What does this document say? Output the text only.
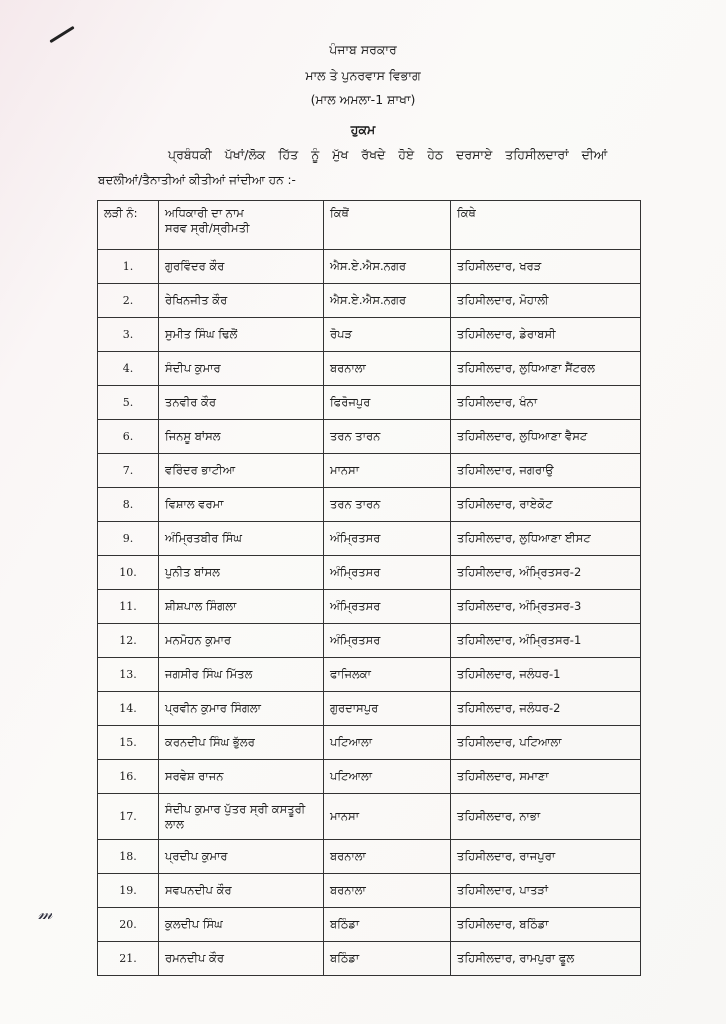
ਪੰਜਾਬ ਸਰਕਾਰ
ਮਾਲ ਤੇ ਪੁਨਰਵਾਸ ਵਿਭਾਗ
(ਮਾਲ ਅਮਲਾ-1 ਸ਼ਾਖਾ)
ਹੁਕਮ
ਪ੍ਰਬੰਧਕੀ ਪੱਖਾਂ/ਲੋਕ ਹਿੱਤ ਨੂੰ ਮੁੱਖ ਰੱਖਦੇ ਹੋਏ ਹੇਠ ਦਰਸਾਏ ਤਹਿਸੀਲਦਾਰਾਂ ਦੀਆਂ
ਬਦਲੀਆਂ/ਤੈਨਾਤੀਆਂ ਕੀਤੀਆਂ ਜਾਂਦੀਆ ਹਨ :-
ਲੜੀ ਨੰ:	ਅਧਿਕਾਰੀ ਦਾ ਨਾਮ
ਸਰਵ ਸ੍ਰੀ/ਸ੍ਰੀਮਤੀ	ਕਿਥੋਂ	ਕਿਥੇ
1.	ਗੁਰਵਿੰਦਰ ਕੌਰ	ਐਸ.ਏ.ਐਸ.ਨਗਰ	ਤਹਿਸੀਲਦਾਰ, ਖਰੜ
2.	ਰੇਖਿਨਜੀਤ ਕੌਰ	ਐਸ.ਏ.ਐਸ.ਨਗਰ	ਤਹਿਸੀਲਦਾਰ, ਮੋਹਾਲੀ
3.	ਸੁਮੀਤ ਸਿੰਘ ਢਿਲੋਂ	ਰੋਪੜ	ਤਹਿਸੀਲਦਾਰ, ਡੇਰਾਬਸੀ
4.	ਸੰਦੀਪ ਕੁਮਾਰ	ਬਰਨਾਲਾ	ਤਹਿਸੀਲਦਾਰ, ਲੁਧਿਆਣਾ ਸੈਂਟਰਲ
5.	ਤਨਵੀਰ ਕੌਰ	ਫਿਰੋਜਪੁਰ	ਤਹਿਸੀਲਦਾਰ, ਖੰਨਾ
6.	ਜਿਨਸੂ ਬਾਂਸਲ	ਤਰਨ ਤਾਰਨ	ਤਹਿਸੀਲਦਾਰ, ਲੁਧਿਆਣਾ ਵੈਸਟ
7.	ਵਰਿੰਦਰ ਭਾਟੀਆ	ਮਾਨਸਾ	ਤਹਿਸੀਲਦਾਰ, ਜਗਰਾਉ
8.	ਵਿਸ਼ਾਲ ਵਰਮਾ	ਤਰਨ ਤਾਰਨ	ਤਹਿਸੀਲਦਾਰ, ਰਾਏਕੋਟ
9.	ਅੰਮ੍ਰਿਤਬੀਰ ਸਿੰਘ	ਅੰਮ੍ਰਿਤਸਰ	ਤਹਿਸੀਲਦਾਰ, ਲੁਧਿਆਣਾ ਈਸਟ
10.	ਪੁਨੀਤ ਬਾਂਸਲ	ਅੰਮ੍ਰਿਤਸਰ	ਤਹਿਸੀਲਦਾਰ, ਅੰਮ੍ਰਿਤਸਰ-2
11.	ਸ਼ੀਸ਼ਪਾਲ ਸਿੰਗਲਾ	ਅੰਮ੍ਰਿਤਸਰ	ਤਹਿਸੀਲਦਾਰ, ਅੰਮ੍ਰਿਤਸਰ-3
12.	ਮਨਮੋਹਨ ਕੁਮਾਰ	ਅੰਮ੍ਰਿਤਸਰ	ਤਹਿਸੀਲਦਾਰ, ਅੰਮ੍ਰਿਤਸਰ-1
13.	ਜਗਸੀਰ ਸਿੰਘ ਮਿੱਤਲ	ਫਾਜਿਲਕਾ	ਤਹਿਸੀਲਦਾਰ, ਜਲੰਧਰ-1
14.	ਪ੍ਰਵੀਨ ਕੁਮਾਰ ਸਿੰਗਲਾ	ਗੁਰਦਾਸਪੁਰ	ਤਹਿਸੀਲਦਾਰ, ਜਲੰਧਰ-2
15.	ਕਰਨਦੀਪ ਸਿੰਘ ਭੁੱਲਰ	ਪਟਿਆਲਾ	ਤਹਿਸੀਲਦਾਰ, ਪਟਿਆਲਾ
16.	ਸਰਵੇਸ਼ ਰਾਜਨ	ਪਟਿਆਲਾ	ਤਹਿਸੀਲਦਾਰ, ਸਮਾਣਾ
17.	ਸੰਦੀਪ ਕੁਮਾਰ ਪੁੱਤਰ ਸ੍ਰੀ ਕਸਤੂਰੀ ਲਾਲ	ਮਾਨਸਾ	ਤਹਿਸੀਲਦਾਰ, ਨਾਭਾ
18.	ਪ੍ਰਦੀਪ ਕੁਮਾਰ	ਬਰਨਾਲਾ	ਤਹਿਸੀਲਦਾਰ, ਰਾਜਪੁਰਾ
19.	ਸਵਪਨਦੀਪ ਕੌਰ	ਬਰਨਾਲਾ	ਤਹਿਸੀਲਦਾਰ, ਪਾਤੜਾਂ
20.	ਕੁਲਦੀਪ ਸਿੰਘ	ਬਠਿੰਡਾ	ਤਹਿਸੀਲਦਾਰ, ਬਠਿੰਡਾ
21.	ਰਮਨਦੀਪ ਕੌਰ	ਬਠਿੰਡਾ	ਤਹਿਸੀਲਦਾਰ, ਰਾਮਪੁਰਾ ਫੂਲ
𝓂
